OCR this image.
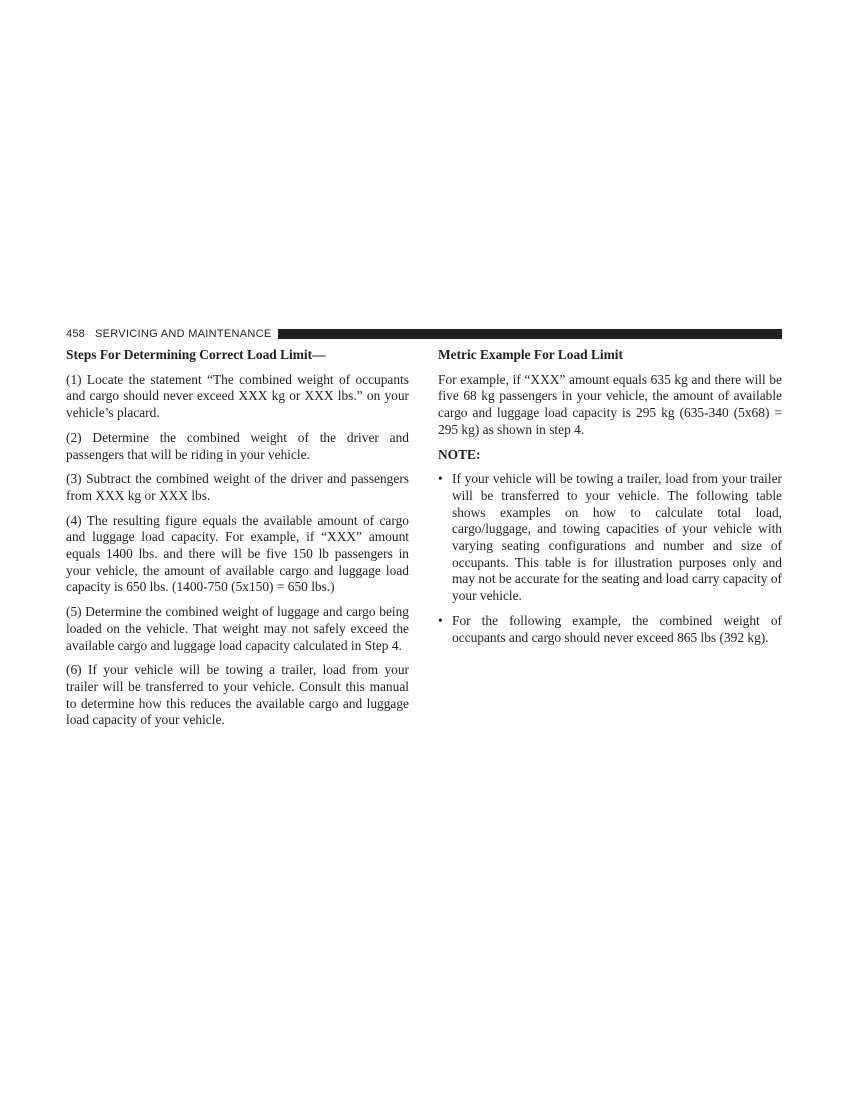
458 SERVICING AND MAINTENANCE
Steps For Determining Correct Load Limit—

(1) Locate the statement “The combined weight of occupants and cargo should never exceed XXX kg or XXX lbs.” on your vehicle’s placard.

(2) Determine the combined weight of the driver and passengers that will be riding in your vehicle.

(3) Subtract the combined weight of the driver and passengers from XXX kg or XXX lbs.

(4) The resulting figure equals the available amount of cargo and luggage load capacity. For example, if “XXX” amount equals 1400 lbs. and there will be five 150 lb passengers in your vehicle, the amount of available cargo and luggage load capacity is 650 lbs. (1400-750 (5x150) = 650 lbs.)

(5) Determine the combined weight of luggage and cargo being loaded on the vehicle. That weight may not safely exceed the available cargo and luggage load capacity calculated in Step 4.

(6) If your vehicle will be towing a trailer, load from your trailer will be transferred to your vehicle. Consult this manual to determine how this reduces the available cargo and luggage load capacity of your vehicle.

Metric Example For Load Limit

For example, if “XXX” amount equals 635 kg and there will be five 68 kg passengers in your vehicle, the amount of available cargo and luggage load capacity is 295 kg (635-340 (5x68) = 295 kg) as shown in step 4.

NOTE:
• If your vehicle will be towing a trailer, load from your trailer will be transferred to your vehicle. The following table shows examples on how to calculate total load, cargo/luggage, and towing capacities of your vehicle with varying seating configurations and number and size of occupants. This table is for illustration purposes only and may not be accurate for the seating and load carry capacity of your vehicle.
• For the following example, the combined weight of occupants and cargo should never exceed 865 lbs (392 kg).
